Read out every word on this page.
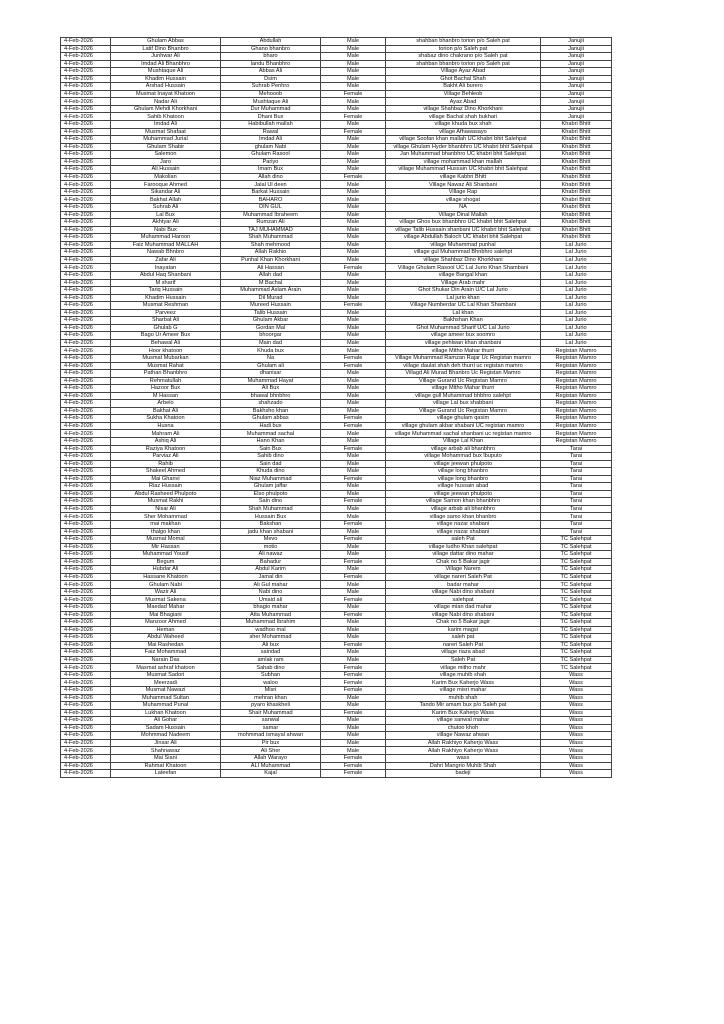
4-Feb-2026	Ghulam Abbas	Abdullah	Male	shahban bhanbro torion p/o Saleh pat	Janujii
4-Feb-2026	Latif Dino Bhanbro	Ghano bhanbro	Male	torion p/o Saleh pat	Janujii
4-Feb-2026	Junhwar Ali	bharo	Male	shabaz dino chakrano p/o Saleh pat	Janujii
4-Feb-2026	Imdad Ali Bhanbhro	landu Bhanbhro	Male	shahban bhanbro torion p/o Saleh pat	Janujii
4-Feb-2026	Mushtaque Ali	Abbas Ali	Male	Village Ayaz Abad	Janujii
4-Feb-2026	Khadim Hussain	Dsim	Male	Ghot Bachal Shah	Janujii
4-Feb-2026	Arshad Hussain	Suhrab Penhro	Male	Bakht Ali burero	Janujii
4-Feb-2026	Musmat Inayat Khatoon	Mehooob	Female	Village Behleob	Janujii
4-Feb-2026	Nadar Ali	Mushtaque Ali	Male	Ayaz Abad	Janujii
4-Feb-2026	Ghulam Mehdi Khorkhani	Dur Muhammad	Male	village Shahbaz Dino Khorkhani	Janujii
4-Feb-2026	Sahib Khatoon	Dhani Bux	Female	village Bachal shah bukhari	Janujii
4-Feb-2026	Imdad Ali	Habibullah mallah	Male	village khuda bux shah	Khabri Bhitt
4-Feb-2026	Musmat Shafaat	Rawal	Female	village Afhawasayo	Khabri Bhitt
4-Feb-2026	Muhammad Jurial	Imdad Ali	Male	village Soofan khan mallah UC khabri bhit Salehpat	Khabri Bhitt
4-Feb-2026	Ghulam Shabir	ghulam Nabi	Male	village Ghulam Hyder bhanbhro UC khabri bhit Salehpat	Khabri Bhitt
4-Feb-2026	Salemon	Ghulam Rasool	Male	Jan Muhammad bhanbhro UC khabri bhit Salehpat	Khabri Bhitt
4-Feb-2026	Jaro	Pariyo	Male	village mohammad khan mallah	Khabri Bhitt
4-Feb-2026	Ali Hussain	Imam Bux	Male	village Muhammad Hussain UC khabri bhit Salehpat	Khabri Bhitt
4-Feb-2026	Makolian	Allah dino	Female	village Kabhri Bhitt	Khabri Bhitt
4-Feb-2026	Farooque Ahmed	Jalal Ul deen	Male	Village Nawaz Ali Shanbani	Khabri Bhitt
4-Feb-2026	Sikandar Ali	Barkat Hussain	Male	Village Rap	Khabri Bhitt
4-Feb-2026	Bakhat Allah	BAHARO	Male	village shogat	Khabri Bhitt
4-Feb-2026	Suhrab Ali	DIN GUL	Male	NA	Khabri Bhitt
4-Feb-2026	Lal Bux	Muhammad Ibraheem	Male	Village Dinal Mallah	Khabri Bhitt
4-Feb-2026	Akhtyar Ali	Rumzan Ali	Male	village Ghos bux bhanbhro UC khabri bhit Salehpat	Khabri Bhitt
4-Feb-2026	Nabi Bux	TAJ MUHAMMAD	Male	village Talib Hussain shanbani UC khabri bhit Salehpat	Khabri Bhitt
4-Feb-2026	Muhammad Haroon	Shah Muhammad	Male	village Abdullah Baloch UC khabri bhit Salehpat	Khabri Bhitt
4-Feb-2026	Faiz Muhammad MALLAH	Shah mehmood	Male	village Muhammad punhal	Lal Jurio
4-Feb-2026	Nawab Bhnbro	Allah Rakhio	Male	village gul Muhammad Bhnbhro salehpt	Lal Jurio
4-Feb-2026	Zafar Ali	Punhal Khan Khorkhani	Male	village Shahbaz Dino Khorkhani	Lal Jurio
4-Feb-2026	Inayatan	Ali Hassan	Female	Village Ghulam Rasool UC Lal Jurio Khan Shambani	Lal Jurio
4-Feb-2026	Abdul Haq Shanbani	Allah dad	Male	village Bangal khan	Lal Jurio
4-Feb-2026	M sharif	M Bachal	Male	Village Arab mahr	Lal Jurio
4-Feb-2026	Tariq Hussain	Muhammad Aslam Arain	Male	Ghot Shukar Din Arain U/C Lal Jurio	Lal Jurio
4-Feb-2026	Khadim Hussain	Dil Murad	Male	Lal jurio khan	Lal Jurio
4-Feb-2026	Musmat Reshman	Mureed Hussain	Female	Village Numberdar UC Lal Khan Shambani	Lal Jurio
4-Feb-2026	Parveez	Talib Hussain	Male	Lal khan	Lal Jurio
4-Feb-2026	Sharbat Ali	Ghulam Akbar	Male	Bakhshan Khan	Lal Jurio
4-Feb-2026	Ghulab G	Gordan Mal	Male	Ghot Muhammad Sharif U/C Lal Jurio	Lal Jurio
4-Feb-2026	Bago Ur Ameer Bux	bhoorgar	Male	village ameer bux soomro	Lal Jurio
4-Feb-2026	Behawal Ali	Main dad	Male	village pehlwan khan shanbani	Lal Jurio
4-Feb-2026	Hoor khatoon	Khuda bux	Male	village Mitho Mahar thurri	Registan Mamro
4-Feb-2026	Musmat Mubarkan	Na	Female	Village Muhammad Ramzan Rajar Uc Registan mamro	Registan Mamro
4-Feb-2026	Musmat Rahat	Ghulam ali	Female	village daulat shah deh thurri uc registan mamro	Registan Mamro
4-Feb-2026	Pathan Bhanbhro	dhanisar	Male	Villagd Ali Murad Bhanbro Uc Registan Mamro	Registan Mamro
4-Feb-2026	Rehmatullah	Muhammad Hayat	Male	Village Gurand Uc Registan Mamro	Registan Mamro
4-Feb-2026	Hazoor Bux	Ali Bux	Male	village Mitho Mahar thurri	Registan Mamro
4-Feb-2026	M Hassan	bhawal bhnbhro	Male	village gull Muhammad bhbhro salehpt	Registan Mamro
4-Feb-2026	Arbelo	shahzado	Male	village Lal bux shabbani	Registan Mamro
4-Feb-2026	Bakhat Ali	Bakhsho khan	Male	Village Gurand Uc Registan Mamro	Registan Mamro
4-Feb-2026	Sukha Khatoon	Ghulam abbas	Female	village ghulam qasim	Registan Mamro
4-Feb-2026	Husna	Hadi bux	Female	village ghulam akbar shabani UC registan mamro	Registan Mamro
4-Feb-2026	Mahram Ali	Muhammad sachal	Male	village Muhammad sachal shanbani uc registan mamro	Registan Mamro
4-Feb-2026	Ashiq Ali	Hano Khan	Male	Village Lal Khan	Registan Mamro
4-Feb-2026	Raziya Khatoon	Sain Bux	Female	village arbab ali bhanbhro	Tarai
4-Feb-2026	Parviaz Ali	Sahib dino	Male	village Mohammad bux lbuputo	Tarai
4-Feb-2026	Rahib	Sain dad	Male	village jeewan phulpoto	Tarai
4-Feb-2026	Shakeel Ahmed	Khuda dino	Male	village long bhanbro	Tarai
4-Feb-2026	Mai Ghanvi	Niaz Muhammad	Female	village long bhanbro	Tarai
4-Feb-2026	Riaz Hussain	Ghulam jaffar	Male	village hussain abad	Tarai
4-Feb-2026	Abdul Rasheed Phulpoto	Elso phulpoto	Male	village jeewan phulpoto	Tarai
4-Feb-2026	Musmat Rakhi	Sain dino	Female	village Samon khan bhanbhro	Tarai
4-Feb-2026	Nisar Ali	Shah Muhammad	Male	village arbab ali bhanbhro	Tarai
4-Feb-2026	Sher Mohammad	Hussain Bux	Male	village samo khan bhanbro	Tarai
4-Feb-2026	mai makhan	Bakshan	Female	village nazar shabani	Tarai
4-Feb-2026	thalgo khan	jadu khan shabani	Male	village nazar shabani	Tarai
4-Feb-2026	Musmat Momal	Mevo	Female	saleh Pat	TC Salehpat
4-Feb-2026	Mir Hassan	motio	Male	village ludho Khan salehpat	TC Salehpat
4-Feb-2026	Muhammad Yousif	Ali nawaz	Male	village dattar dino mahar	TC Salehpat
4-Feb-2026	Begum	Bahadur	Female	Chak no 5 Bakar jagir	TC Salehpat
4-Feb-2026	Hubdar Ali	Abdul Karim	Male	Village Narem	TC Salehpat
4-Feb-2026	Hassane Khatoon	Jamal din	Female	village nareri Saleh Pat	TC Salehpat
4-Feb-2026	Ghulam Nabi	Ali Gul mahar	Male	badar mahar	TC Salehpat
4-Feb-2026	Wazir Ali	Nabi dino	Male	village Nabi dino shabani	TC Salehpat
4-Feb-2026	Musmat Sakena	Umaid ali	Female	salehpat	TC Salehpat
4-Feb-2026	Maedad Mahar	bhagio mahar	Male	village mian dad mahar	TC Salehpat
4-Feb-2026	Mai Bhagiani	Atta Muhammad	Female	village Nabi dino shabani	TC Salehpat
4-Feb-2026	Manzoor Ahmed	Muhammad Ibrahim	Male	Chak no 5 Bakar jagir	TC Salehpat
4-Feb-2026	Heman	wadhoo mal	Male	karim magsi	TC Salehpat
4-Feb-2026	Abdul Waheed	sher Mohammad	Male	saleh pat	TC Salehpat
4-Feb-2026	Mai Rashedan	Ali bux	Female	nareri Saleh Pat	TC Salehpat
4-Feb-2026	Faiz Mohammad	saindad	Male	village riaza abad	TC Salehpat
4-Feb-2026	Narain Das	amlak ram	Male	Saleh Pat	TC Salehpat
4-Feb-2026	Masmat ashraf khatoon	Sahab dino	Female	village mitho mahr	TC Salehpat
4-Feb-2026	Musmat Sadori	Subhan	Female	village muhib shah	Wass
4-Feb-2026	Meerzadi	waloo	Female	Karim Bux Kaherjo Wass	Wass
4-Feb-2026	Musmat Nawazi	Misri	Female	village misri mahar	Wass
4-Feb-2026	Muhammad Sultan	mehran khan	Male	muhib shah	Wass
4-Feb-2026	Muhammad Punal	pyaro khaskheli	Male	Tando Mir amam bux p/o Saleh pat	Wass
4-Feb-2026	Lukhan Khatoon	Shair Muhammad	Female	Karim Bux Kaherjo Wass	Wass
4-Feb-2026	Ali Gohar	sanwal	Male	village sanwal mahar	Wass
4-Feb-2026	Sadam Hussain	samar	Male	chutoo khoh	Wass
4-Feb-2026	Mohmmad Nadeem	mohmmad ismayal ahwan	Male	village Nawaz ahwan	Wass
4-Feb-2026	Jinsar Ali	Pir bux	Male	Allah Rakhiyo Kaherjo Wass	Wass
4-Feb-2026	Shahnawaz	Ali Sher	Male	Allah Rakhiyo Kaherjo Wass	Wass
4-Feb-2026	Mai Siani	Allah Warayo	Female	wass	Wass
4-Feb-2026	Rahmat Khatoon	ALI Muhammad	Female	Dahri Mangrio Muhib Shah	Wass
4-Feb-2026	Lateefan	Kajal	Female	badeji	Wass
